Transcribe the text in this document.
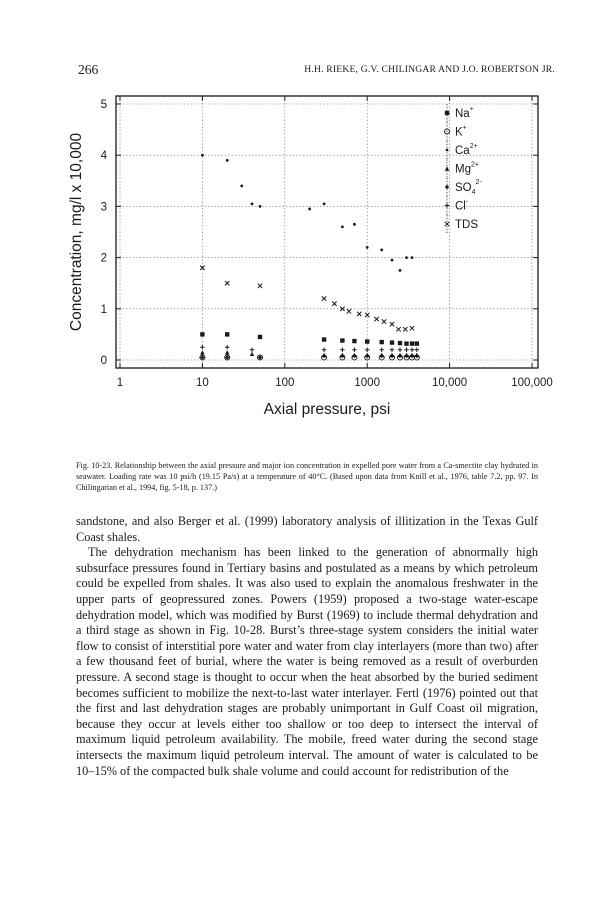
266	H.H. RIEKE, G.V. CHILINGAR AND J.O. ROBERTSON JR.
1	10	100	1000	10,000	100,000
0
1
2
3
4
5
Na+
K+
$Ca^{2+}$
$Mg^{2+}$
$SO_4^{2-}$
Cl-
TDS
Axial pressure, psi
Concentration, mg/l x 10,000
Fig. 10-23. Relationship between the axial pressure and major ion concentration in expelled pore water from a Ca-smectite clay hydrated in seawater. Loading rate was 10 psi/h (19.15 Pa/s) at a temperature of 40°C. (Based upon data from Knill et al., 1976, table 7.2, pp. 97. In Chilingarian et al., 1994, fig. 5-18, p. 137.)

sandstone, and also Berger et al. (1999) laboratory analysis of illitization in the Texas Gulf Coast shales.

The dehydration mechanism has been linked to the generation of abnormally high subsurface pressures found in Tertiary basins and postulated as a means by which petroleum could be expelled from shales. It was also used to explain the anomalous freshwater in the upper parts of geopressured zones. Powers (1959) proposed a two-stage water-escape dehydration model, which was modified by Burst (1969) to include thermal dehydration and a third stage as shown in Fig. 10-28. Burst’s three-stage system considers the initial water flow to consist of interstitial pore water and water from clay interlayers (more than two) after a few thousand feet of burial, where the water is being removed as a result of overburden pressure. A second stage is thought to occur when the heat absorbed by the buried sediment becomes sufficient to mobilize the next-to-last water interlayer. Fertl (1976) pointed out that the first and last dehydration stages are probably unimportant in Gulf Coast oil migration, because they occur at levels either too shallow or too deep to intersect the interval of maximum liquid petroleum availability. The mobile, freed water during the second stage intersects the maximum liquid petroleum interval. The amount of water is calculated to be 10–15% of the compacted bulk shale volume and could account for redistribution of the
